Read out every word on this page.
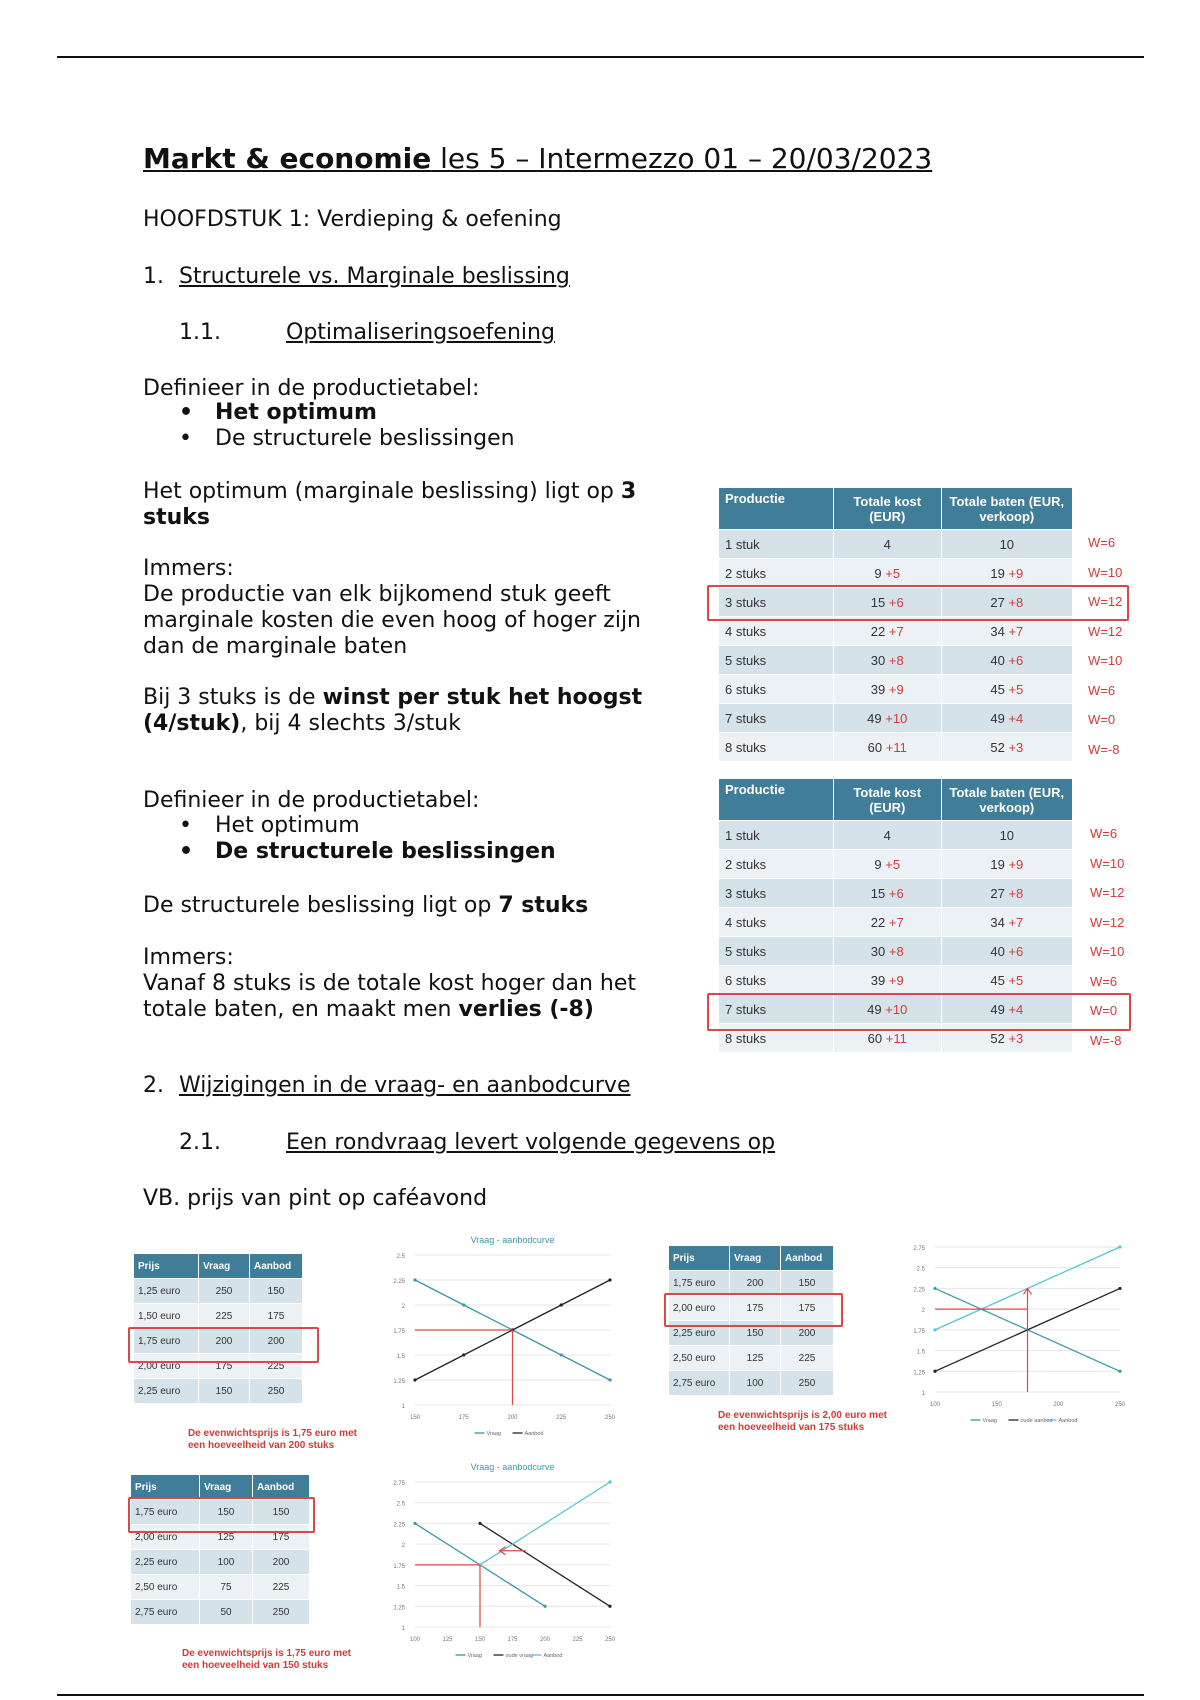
Markt & economie les 5 – Intermezzo 01 – 20/03/2023
HOOFDSTUK 1: Verdieping & oefening
1. Structurele vs. Marginale beslissing
1.1.	Optimaliseringsoefening
Definieer in de productietabel:
• Het optimum
• De structurele beslissingen
Het optimum (marginale beslissing) ligt op 3
stuks
Immers:
De productie van elk bijkomend stuk geeft
marginale kosten die even hoog of hoger zijn
dan de marginale baten
Bij 3 stuks is de winst per stuk het hoogst
(4/stuk), bij 4 slechts 3/stuk
Definieer in de productietabel:
• Het optimum
• De structurele beslissingen
De structurele beslissing ligt op 7 stuks
Immers:
Vanaf 8 stuks is de totale kost hoger dan het
totale baten, en maakt men verlies (-8)
Productie	Totale kost (EUR)	Totale baten (EUR, verkoop)
1 stuk	4	10
2 stuks	9 +5	19 +9
3 stuks	15 +6	27 +8
4 stuks	22 +7	34 +7
5 stuks	30 +8	40 +6
6 stuks	39 +9	45 +5
7 stuks	49 +10	49 +4
8 stuks	60 +11	52 +3
W=6
W=10
W=12
W=12
W=10
W=6
W=0
W=-8
Productie	Totale kost (EUR)	Totale baten (EUR, verkoop)
1 stuk	4	10
2 stuks	9 +5	19 +9
3 stuks	15 +6	27 +8
4 stuks	22 +7	34 +7
5 stuks	30 +8	40 +6
6 stuks	39 +9	45 +5
7 stuks	49 +10	49 +4
8 stuks	60 +11	52 +3
W=6
W=10
W=12
W=12
W=10
W=6
W=0
W=-8
2. Wijzigingen in de vraag- en aanbodcurve
2.1.	Een rondvraag levert volgende gegevens op
VB. prijs van pint op caféavond
Prijs	Vraag	Aanbod
1,25 euro	250	150
1,50 euro	225	175
1,75 euro	200	200
2,00 euro	175	225
2,25 euro	150	250
De evenwichtsprijs is 1,75 euro met
een hoeveelheid van 200 stuks
Prijs	Vraag	Aanbod
1,75 euro	200	150
2,00 euro	175	175
2,25 euro	150	200
2,50 euro	125	225
2,75 euro	100	250
De evenwichtsprijs is 2,00 euro met
een hoeveelheid van 175 stuks
Prijs	Vraag	Aanbod
1,75 euro	150	150
2,00 euro	125	175
2,25 euro	100	200
2,50 euro	75	225
2,75 euro	50	250
De evenwichtsprijs is 1,75 euro met
een hoeveelheid van 150 stuks
Vraag - aanbodcurve
2.5
2.25
2
1.75
1.5
1.25
1
150	175	200	225	250
Vraag	Aanbod
2.75
2.5
2.25
2
1.75
1.5
1.25
1
100	150	200	250
Vraag	oude aanbod Aanbod
Vraag - aanbodcurve
2.75
2.5
2.25
2
1.75
1.5
1.25
1
100	125	150	175	200	225	250
Vraag	oude vraag Aanbod
